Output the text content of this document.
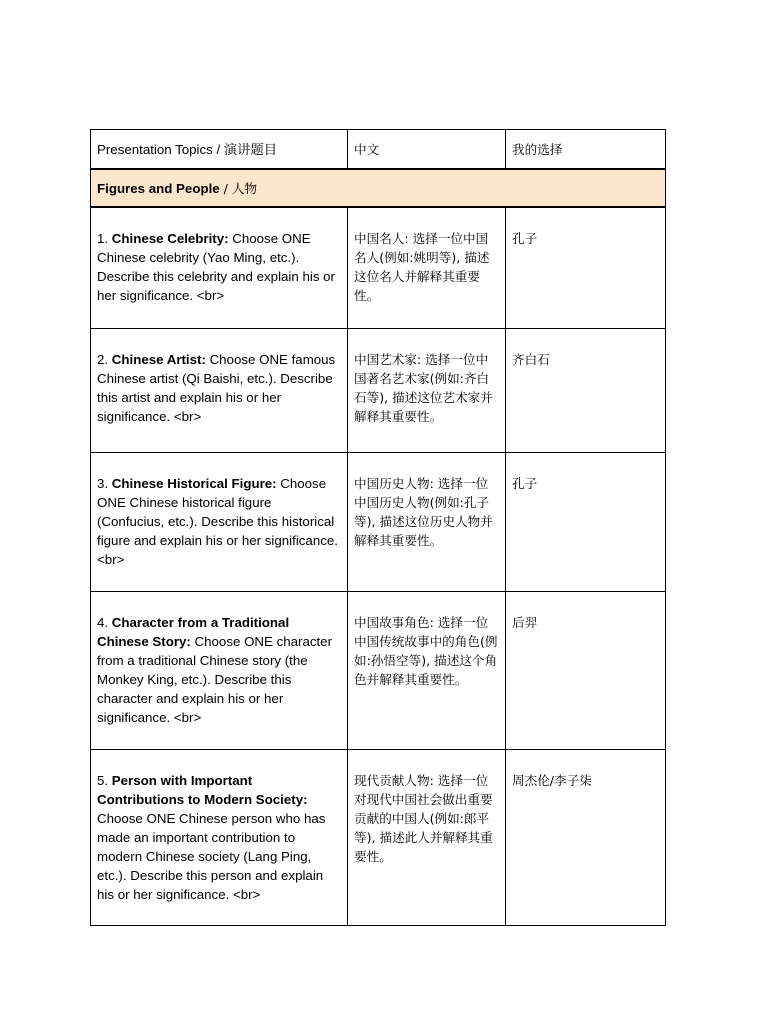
Presentation Topics / 演讲题目	中文	我的选择
Figures and People / 人物		
1. Chinese Celebrity: Choose ONE Chinese celebrity (Yao Ming, etc.). Describe this celebrity and explain his or her significance. <br>	中国名人: 选择一位中国名人(例如:姚明等), 描述这位名人并解释其重要性。	孔子
2. Chinese Artist: Choose ONE famous Chinese artist (Qi Baishi, etc.). Describe this artist and explain his or her significance. <br>	中国艺术家: 选择一位中国著名艺术家(例如:齐白石等), 描述这位艺术家并解释其重要性。	齐白石
3. Chinese Historical Figure: Choose ONE Chinese historical figure (Confucius, etc.). Describe this historical figure and explain his or her significance. <br>	中国历史人物: 选择一位中国历史人物(例如:孔子等), 描述这位历史人物并解释其重要性。	孔子
4. Character from a Traditional Chinese Story: Choose ONE character from a traditional Chinese story (the Monkey King, etc.). Describe this character and explain his or her significance. <br>	中国故事角色: 选择一位中国传统故事中的角色(例如:孙悟空等), 描述这个角色并解释其重要性。	后羿
5. Person with Important Contributions to Modern Society: Choose ONE Chinese person who has made an important contribution to modern Chinese society (Lang Ping, etc.). Describe this person and explain his or her significance. <br>	现代贡献人物: 选择一位对现代中国社会做出重要贡献的中国人(例如:郎平等), 描述此人并解释其重要性。	周杰伦/李子柒
